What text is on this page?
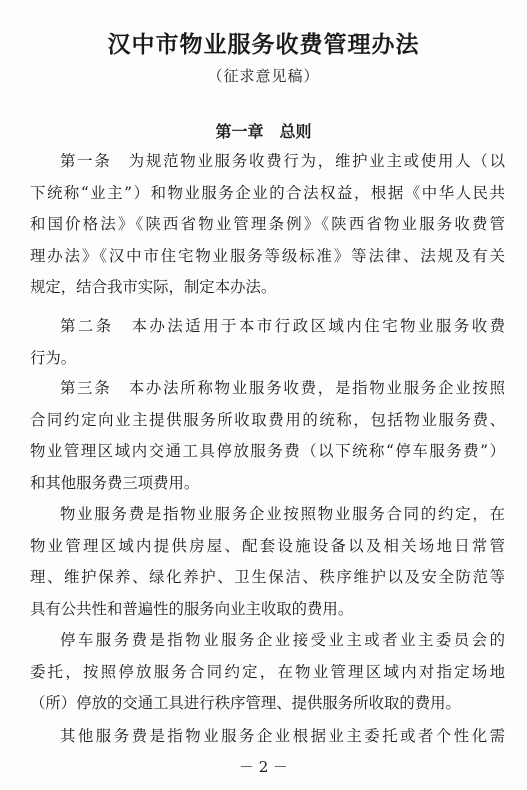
汉中市物业服务收费管理办法
（征求意见稿）
第一章　总则
第一条　为规范物业服务收费行为，维护业主或使用人（以
下统称“业主”）和物业服务企业的合法权益，根据《中华人民共
和国价格法》《陕西省物业管理条例》《陕西省物业服务收费管
理办法》《汉中市住宅物业服务等级标准》等法律、法规及有关
规定，结合我市实际，制定本办法。
第二条　本办法适用于本市行政区域内住宅物业服务收费
行为。
第三条　本办法所称物业服务收费，是指物业服务企业按照
合同约定向业主提供服务所收取费用的统称，包括物业服务费、
物业管理区域内交通工具停放服务费（以下统称“停车服务费”）
和其他服务费三项费用。
物业服务费是指物业服务企业按照物业服务合同的约定，在
物业管理区域内提供房屋、配套设施设备以及相关场地日常管
理、维护保养、绿化养护、卫生保洁、秩序维护以及安全防范等
具有公共性和普遍性的服务向业主收取的费用。
停车服务费是指物业服务企业接受业主或者业主委员会的
委托，按照停放服务合同约定，在物业管理区域内对指定场地
（所）停放的交通工具进行秩序管理、提供服务所收取的费用。
其他服务费是指物业服务企业根据业主委托或者个性化需
－ 2 －
